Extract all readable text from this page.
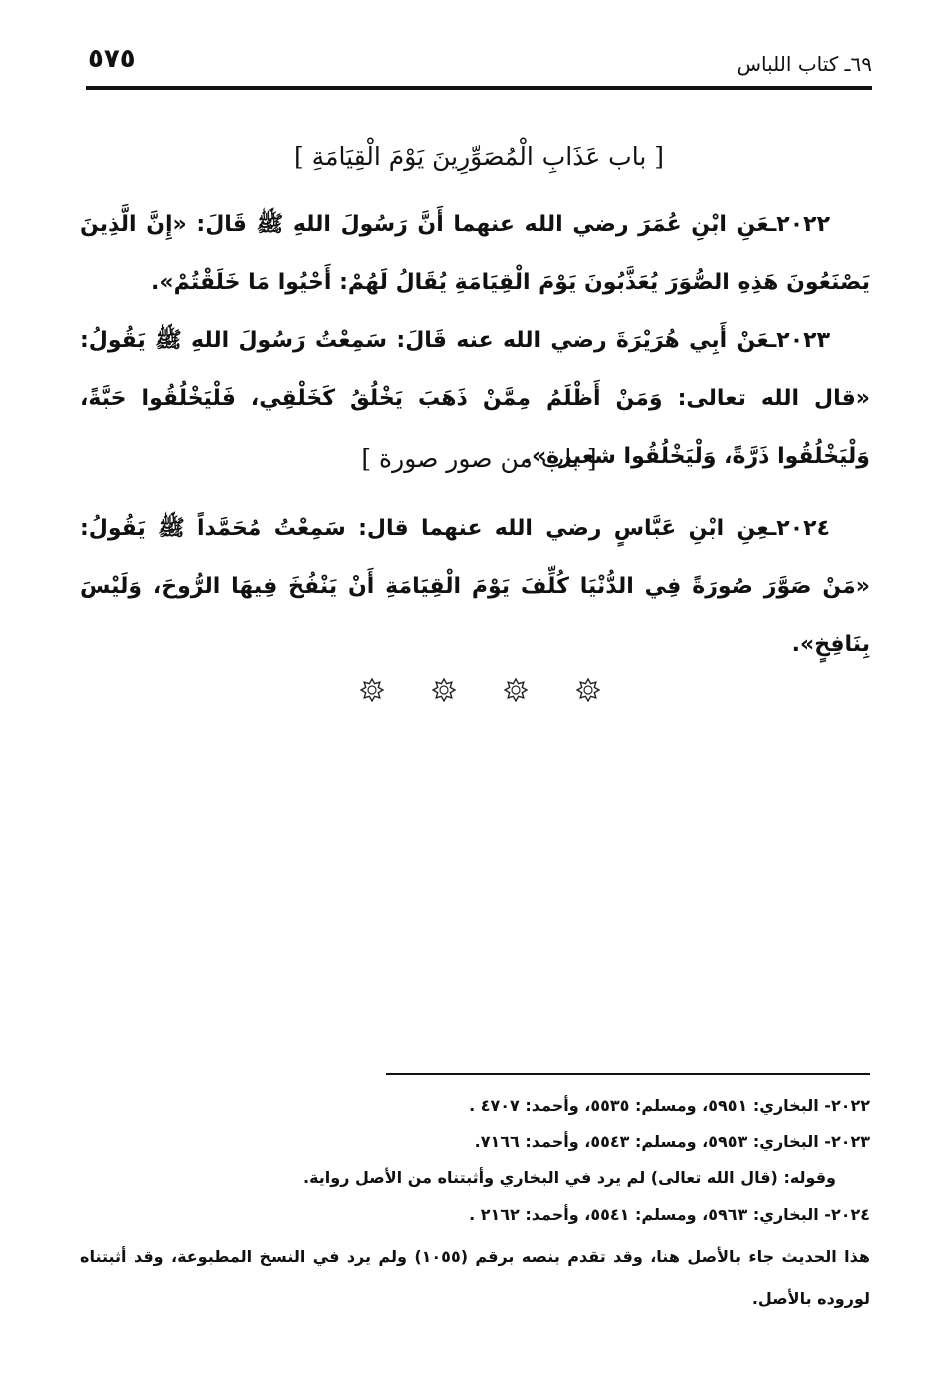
٥٧٥	٦٩ـ كتاب اللباس
[ باب عَذَابِ الْمُصَوِّرِينَ يَوْمَ الْقِيَامَةِ ]
٢٠٢٢ـعَنِ ابْنِ عُمَرَ رضي الله عنهما أَنَّ رَسُولَ اللهِ ﷺ قَالَ: «إِنَّ الَّذِينَ يَصْنَعُونَ هَذِهِ الصُّوَرَ يُعَذَّبُونَ يَوْمَ الْقِيَامَةِ يُقَالُ لَهُمْ: أَحْيُوا مَا خَلَقْتُمْ».
٢٠٢٣ـعَنْ أَبِي هُرَيْرَةَ رضي الله عنه قَالَ: سَمِعْتُ رَسُولَ اللهِ ﷺ يَقُولُ: «قال الله تعالى: وَمَنْ أَظْلَمُ مِمَّنْ ذَهَبَ يَخْلُقُ كَخَلْقِي، فَلْيَخْلُقُوا حَبَّةً، وَلْيَخْلُقُوا ذَرَّةً، وَلْيَخْلُقُوا شعيرة».
[ باب من صور صورة ]
٢٠٢٤ـعِنِ ابْنِ عَبَّاسٍ رضي الله عنهما قال: سَمِعْتُ مُحَمَّداً ﷺ يَقُولُ: «مَنْ صَوَّرَ صُورَةً فِي الدُّنْيَا كُلِّفَ يَوْمَ الْقِيَامَةِ أَنْ يَنْفُخَ فِيهَا الرُّوحَ، وَلَيْسَ بِنَافِخٍ».
٢٠٢٢- البخاري: ٥٩٥١، ومسلم: ٥٥٣٥، وأحمد: ٤٧٠٧ .
٢٠٢٣- البخاري: ٥٩٥٣، ومسلم: ٥٥٤٣، وأحمد: ٧١٦٦.
وقوله: (قال الله تعالى) لم يرد في البخاري وأثبتناه من الأصل رواية.
٢٠٢٤- البخاري: ٥٩٦٣، ومسلم: ٥٥٤١، وأحمد: ٢١٦٢ .
هذا الحديث جاء بالأصل هنا، وقد تقدم بنصه برقم (١٠٥٥) ولم يرد في النسخ المطبوعة، وقد أثبتناه لوروده بالأصل.
